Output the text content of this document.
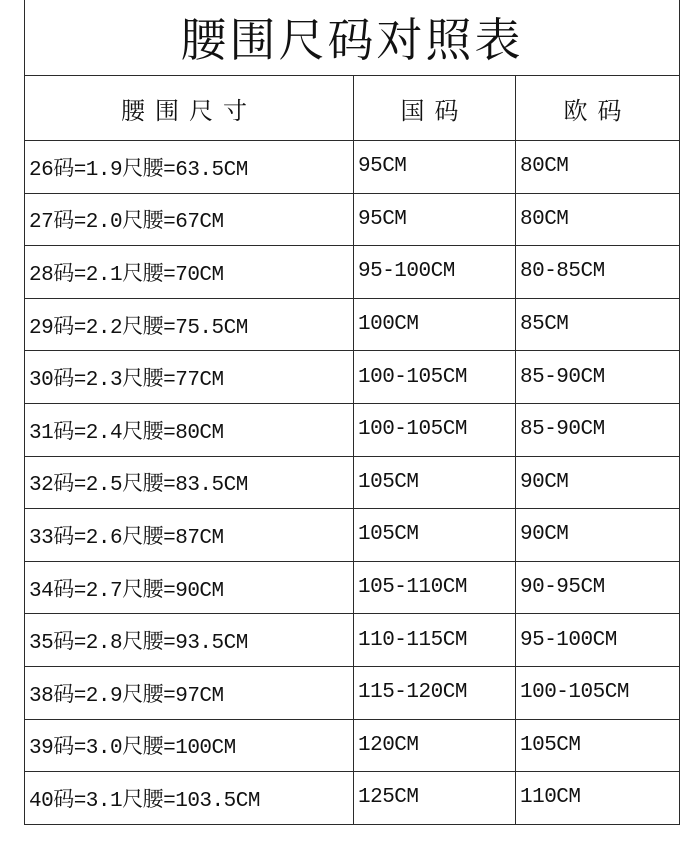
腰围尺码对照表		
腰围尺寸	国码	欧码
26码=1.9尺腰=63.5CM	95CM	80CM
27码=2.0尺腰=67CM	95CM	80CM
28码=2.1尺腰=70CM	95-100CM	80-85CM
29码=2.2尺腰=75.5CM	100CM	85CM
30码=2.3尺腰=77CM	100-105CM	85-90CM
31码=2.4尺腰=80CM	100-105CM	85-90CM
32码=2.5尺腰=83.5CM	105CM	90CM
33码=2.6尺腰=87CM	105CM	90CM
34码=2.7尺腰=90CM	105-110CM	90-95CM
35码=2.8尺腰=93.5CM	110-115CM	95-100CM
38码=2.9尺腰=97CM	115-120CM	100-105CM
39码=3.0尺腰=100CM	120CM	105CM
40码=3.1尺腰=103.5CM	125CM	110CM
